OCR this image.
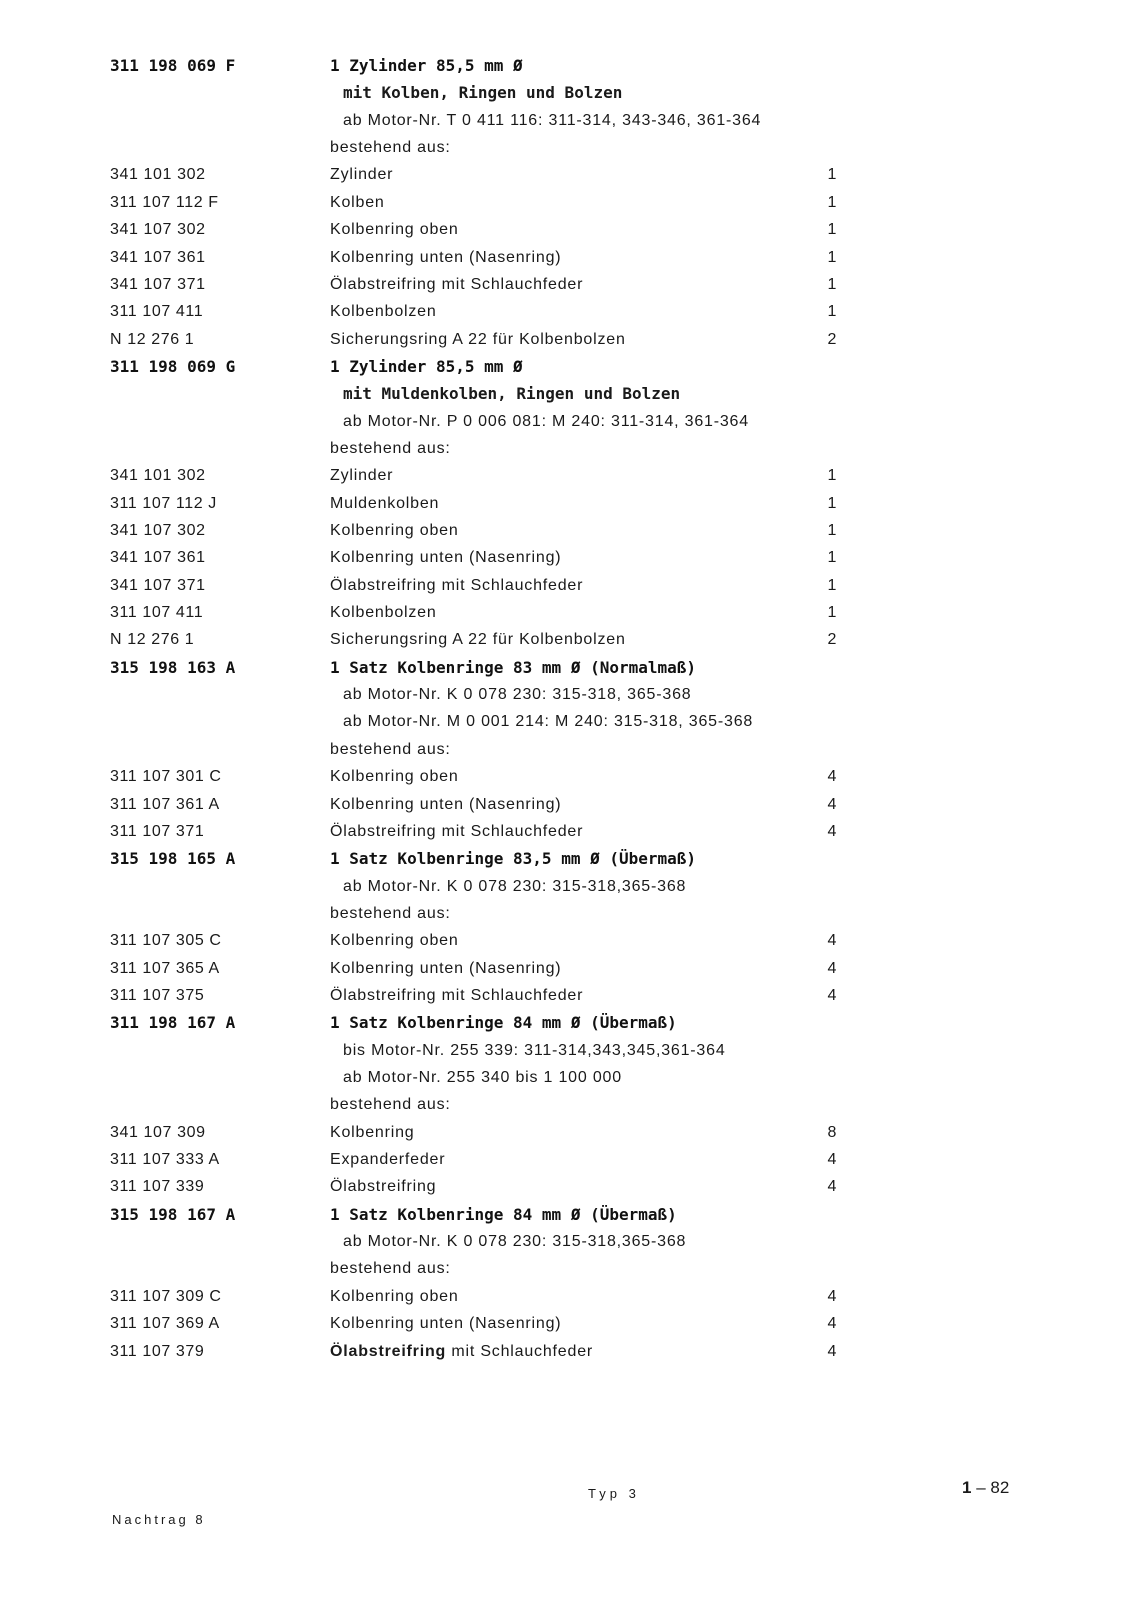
311 198 069 F	1 Zylinder 85,5 mm Ø
mit Kolben, Ringen und Bolzen
ab Motor-Nr. T 0 411 116: 311-314, 343-346, 361-364
bestehend aus:
341 101 302	Zylinder	1
311 107 112 F	Kolben	1
341 107 302	Kolbenring oben	1
341 107 361	Kolbenring unten (Nasenring)	1
341 107 371	Ölabstreifring mit Schlauchfeder	1
311 107 411	Kolbenbolzen	1
N 12 276 1	Sicherungsring A 22 für Kolbenbolzen	2
311 198 069 G	1 Zylinder 85,5 mm Ø
mit Muldenkolben, Ringen und Bolzen
ab Motor-Nr. P 0 006 081: M 240: 311-314, 361-364
bestehend aus:
341 101 302	Zylinder	1
311 107 112 J	Muldenkolben	1
341 107 302	Kolbenring oben	1
341 107 361	Kolbenring unten (Nasenring)	1
341 107 371	Ölabstreifring mit Schlauchfeder	1
311 107 411	Kolbenbolzen	1
N 12 276 1	Sicherungsring A 22 für Kolbenbolzen	2
315 198 163 A	1 Satz Kolbenringe 83 mm Ø (Normalmaß)
ab Motor-Nr. K 0 078 230: 315-318, 365-368
ab Motor-Nr. M 0 001 214: M 240: 315-318, 365-368
bestehend aus:
311 107 301 C	Kolbenring oben	4
311 107 361 A	Kolbenring unten (Nasenring)	4
311 107 371	Ölabstreifring mit Schlauchfeder	4
315 198 165 A	1 Satz Kolbenringe 83,5 mm Ø (Übermaß)
ab Motor-Nr. K 0 078 230: 315-318,365-368
bestehend aus:
311 107 305 C	Kolbenring oben	4
311 107 365 A	Kolbenring unten (Nasenring)	4
311 107 375	Ölabstreifring mit Schlauchfeder	4
311 198 167 A	1 Satz Kolbenringe 84 mm Ø (Übermaß)
bis Motor-Nr. 255 339: 311-314,343,345,361-364
ab Motor-Nr. 255 340 bis 1 100 000
bestehend aus:
341 107 309	Kolbenring	8
311 107 333 A	Expanderfeder	4
311 107 339	Ölabstreifring	4
315 198 167 A	1 Satz Kolbenringe 84 mm Ø (Übermaß)
ab Motor-Nr. K 0 078 230: 315-318,365-368
bestehend aus:
311 107 309 C	Kolbenring oben	4
311 107 369 A	Kolbenring unten (Nasenring)	4
311 107 379	Ölabstreifring mit Schlauchfeder	4
Typ 3	1 – 82
Nachtrag 8
